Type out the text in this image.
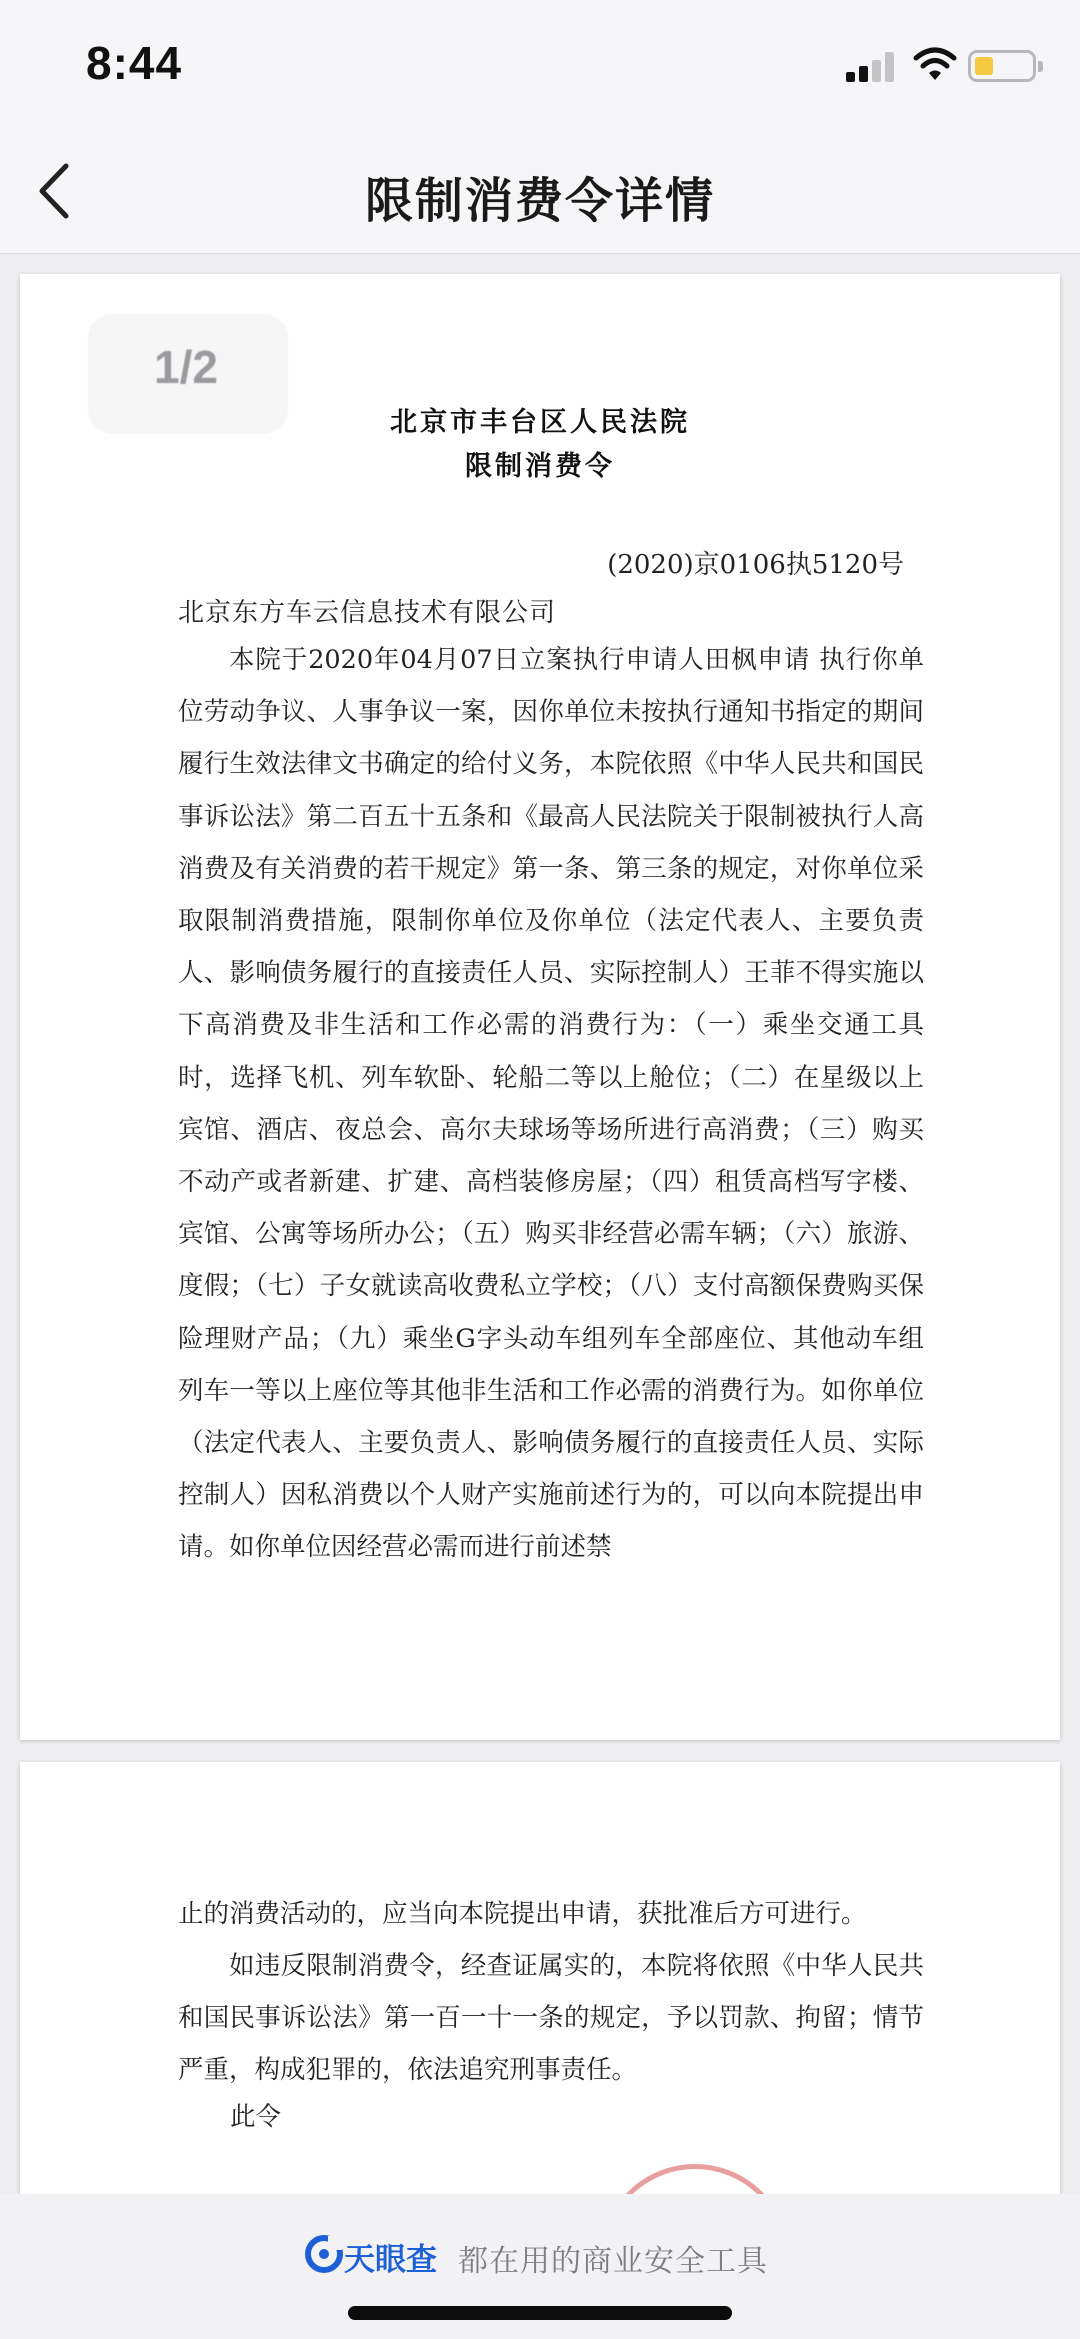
8:44
限制消费令详情
1/2
北京市丰台区人民法院
限制消费令
(2020)京0106执5120号
北京东方车云信息技术有限公司
本院于2020年04月07日立案执行申请人田枫申请 执行你单位劳动争议、人事争议一案，因你单位未按执行通知书指定的期间履行生效法律文书确定的给付义务，本院依照《中华人民共和国民事诉讼法》第二百五十五条和《最高人民法院关于限制被执行人高消费及有关消费的若干规定》第一条、第三条的规定，对你单位采取限制消费措施，限制你单位及你单位（法定代表人、主要负责人、影响债务履行的直接责任人员、实际控制人）王菲不得实施以下高消费及非生活和工作必需的消费行为：（一）乘坐交通工具时，选择飞机、列车软卧、轮船二等以上舱位；（二）在星级以上宾馆、酒店、夜总会、高尔夫球场等场所进行高消费；（三）购买不动产或者新建、扩建、高档装修房屋；（四）租赁高档写字楼、宾馆、公寓等场所办公；（五）购买非经营必需车辆；（六）旅游、度假；（七）子女就读高收费私立学校；（八）支付高额保费购买保险理财产品；（九）乘坐G字头动车组列车全部座位、其他动车组列车一等以上座位等其他非生活和工作必需的消费行为。如你单位（法定代表人、主要负责人、影响债务履行的直接责任人员、实际控制人）因私消费以个人财产实施前述行为的，可以向本院提出申请。如你单位因经营必需而进行前述禁
止的消费活动的，应当向本院提出申请，获批准后方可进行。
如违反限制消费令，经查证属实的，本院将依照《中华人民共和国民事诉讼法》第一百一十一条的规定，予以罚款、拘留；情节严重，构成犯罪的，依法追究刑事责任。
此令
天眼查 都在用的商业安全工具
